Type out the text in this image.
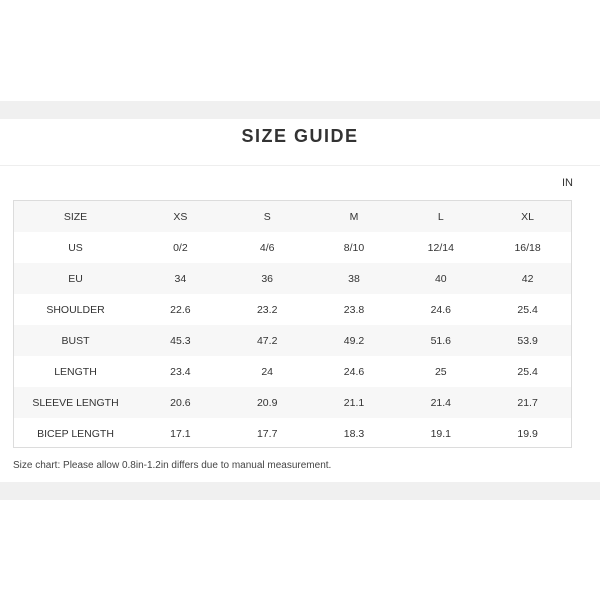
SIZE GUIDE
IN
SIZE	XS	S	M	L	XL
US	0/2	4/6	8/10	12/14	16/18
EU	34	36	38	40	42
SHOULDER	22.6	23.2	23.8	24.6	25.4
BUST	45.3	47.2	49.2	51.6	53.9
LENGTH	23.4	24	24.6	25	25.4
SLEEVE LENGTH	20.6	20.9	21.1	21.4	21.7
BICEP LENGTH	17.1	17.7	18.3	19.1	19.9

Size chart: Please allow 0.8in-1.2in differs due to manual measurement.
